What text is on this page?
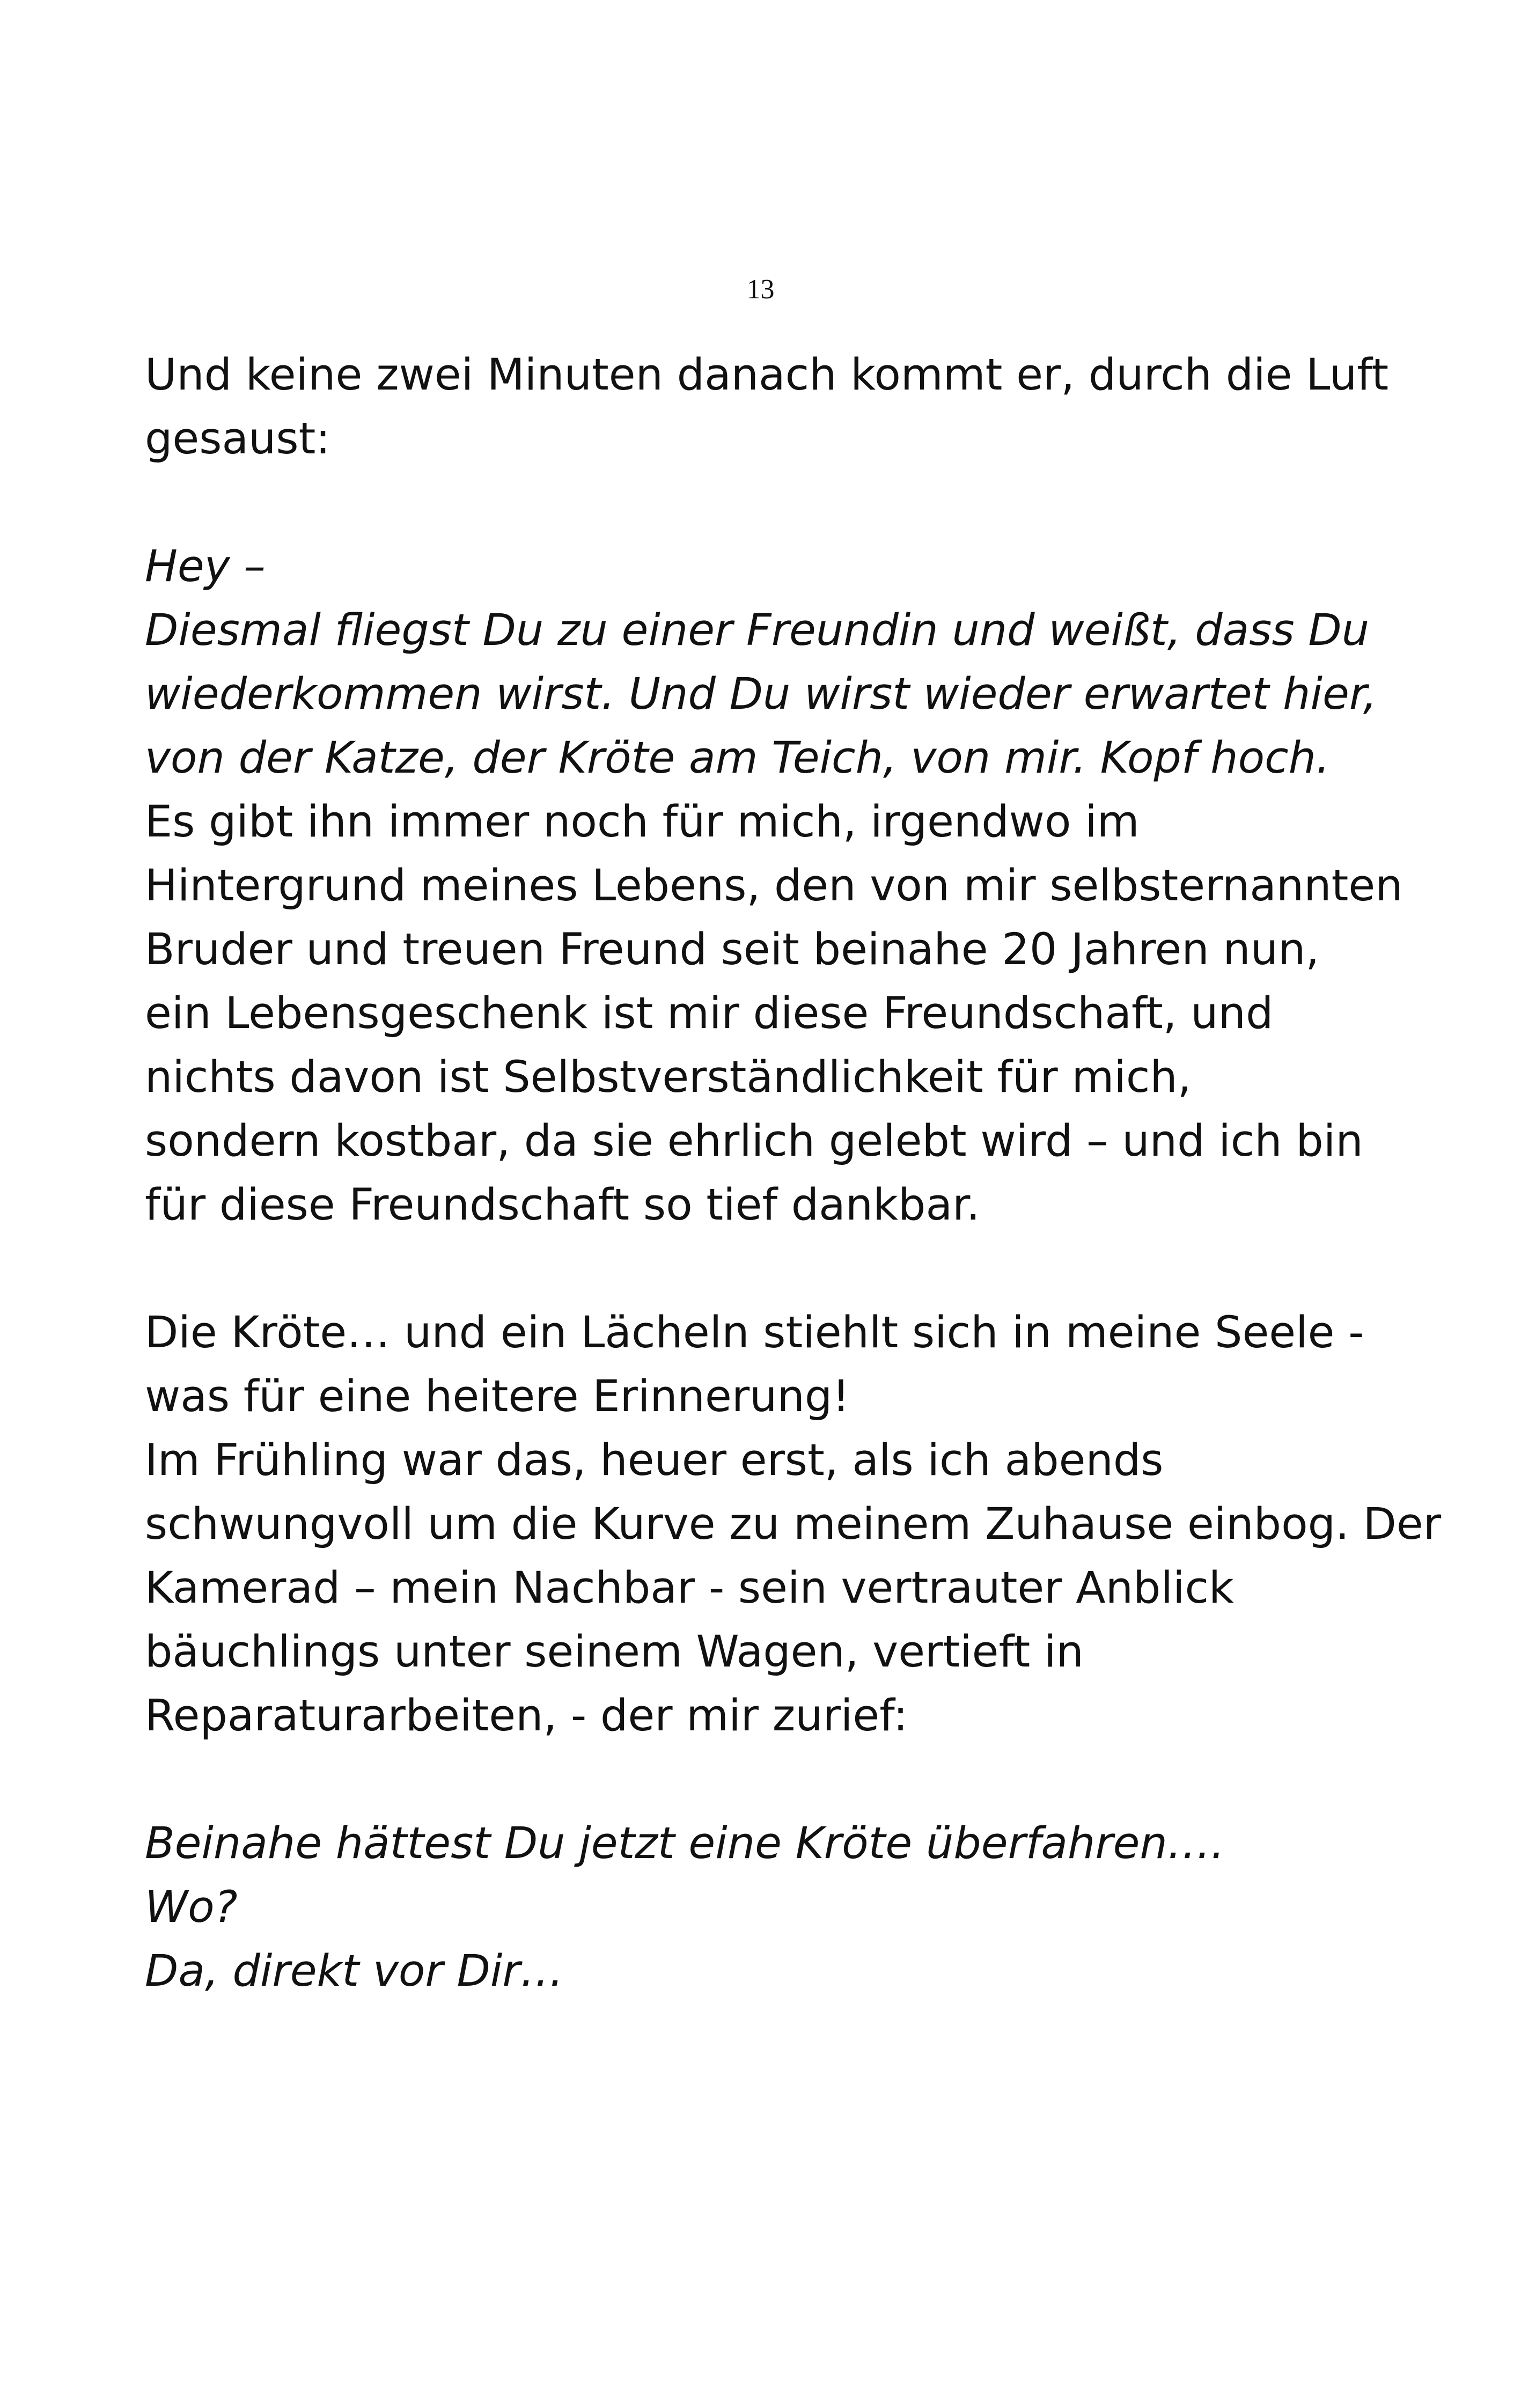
13
Und keine zwei Minuten danach kommt er, durch die Luft
gesaust:
Hey –
Diesmal fliegst Du zu einer Freundin und weißt, dass Du
wiederkommen wirst. Und Du wirst wieder erwartet hier,
von der Katze, der Kröte am Teich, von mir. Kopf hoch.
Es gibt ihn immer noch für mich, irgendwo im
Hintergrund meines Lebens, den von mir selbsternannten
Bruder und treuen Freund seit beinahe 20 Jahren nun,
ein Lebensgeschenk ist mir diese Freundschaft, und
nichts davon ist Selbstverständlichkeit für mich,
sondern kostbar, da sie ehrlich gelebt wird – und ich bin
für diese Freundschaft so tief dankbar.
Die Kröte… und ein Lächeln stiehlt sich in meine Seele -
was für eine heitere Erinnerung!
Im Frühling war das, heuer erst, als ich abends
schwungvoll um die Kurve zu meinem Zuhause einbog. Der
Kamerad – mein Nachbar - sein vertrauter Anblick
bäuchlings unter seinem Wagen, vertieft in
Reparaturarbeiten, - der mir zurief:
Beinahe hättest Du jetzt eine Kröte überfahren….
Wo?
Da, direkt vor Dir…
